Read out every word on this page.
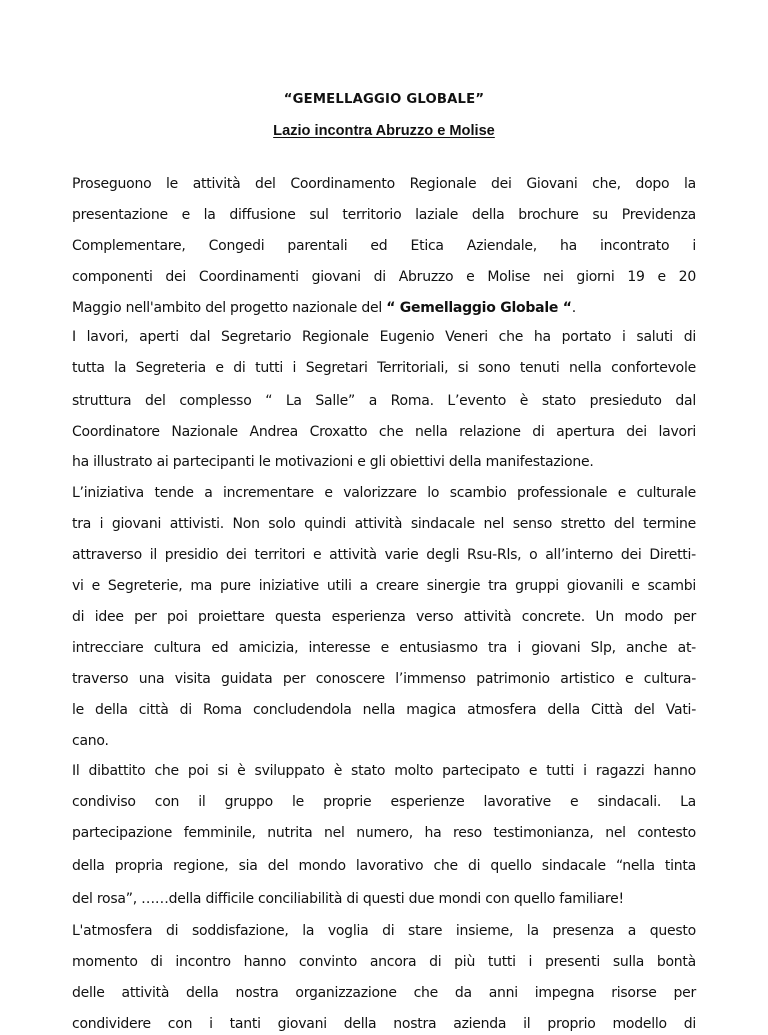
“GEMELLAGGIO GLOBALE”
Lazio incontra Abruzzo e Molise
Proseguono le attività del Coordinamento Regionale dei Giovani che, dopo la
presentazione e la diffusione sul territorio laziale della brochure su Previdenza
Complementare, Congedi parentali ed Etica Aziendale, ha incontrato i
componenti dei Coordinamenti giovani di Abruzzo e Molise nei giorni 19 e 20
Maggio nell'ambito del progetto nazionale del “ Gemellaggio Globale “.
I lavori, aperti dal Segretario Regionale Eugenio Veneri che ha portato i saluti di
tutta la Segreteria e di tutti i Segretari Territoriali, si sono tenuti nella confortevole
struttura del complesso “ La Salle” a Roma. L’evento è stato presieduto dal
Coordinatore Nazionale Andrea Croxatto che nella relazione di apertura dei lavori
ha illustrato ai partecipanti le motivazioni e gli obiettivi della manifestazione.
L’iniziativa tende a incrementare e valorizzare lo scambio professionale e culturale
tra i giovani attivisti. Non solo quindi attività sindacale nel senso stretto del termine
attraverso il presidio dei territori e attività varie degli Rsu-Rls, o all’interno dei Diretti-
vi e Segreterie, ma pure iniziative utili a creare sinergie tra gruppi giovanili e scambi
di idee per poi proiettare questa esperienza verso attività concrete. Un modo per
intrecciare cultura ed amicizia, interesse e entusiasmo tra i giovani Slp, anche at-
traverso una visita guidata per conoscere l’immenso patrimonio artistico e cultura-
le della città di Roma concludendola nella magica atmosfera della Città del Vati-
cano.
Il dibattito che poi si è sviluppato è stato molto partecipato e tutti i ragazzi hanno
condiviso con il gruppo le proprie esperienze lavorative e sindacali. La
partecipazione femminile, nutrita nel numero, ha reso testimonianza, nel contesto
della propria regione, sia del mondo lavorativo che di quello sindacale “nella tinta
del rosa”, ……della difficile conciliabilità di questi due mondi con quello familiare!
L'atmosfera di soddisfazione, la voglia di stare insieme, la presenza a questo
momento di incontro hanno convinto ancora di più tutti i presenti sulla bontà
delle attività della nostra organizzazione che da anni impegna risorse per
condividere con i tanti giovani della nostra azienda il proprio modello di
